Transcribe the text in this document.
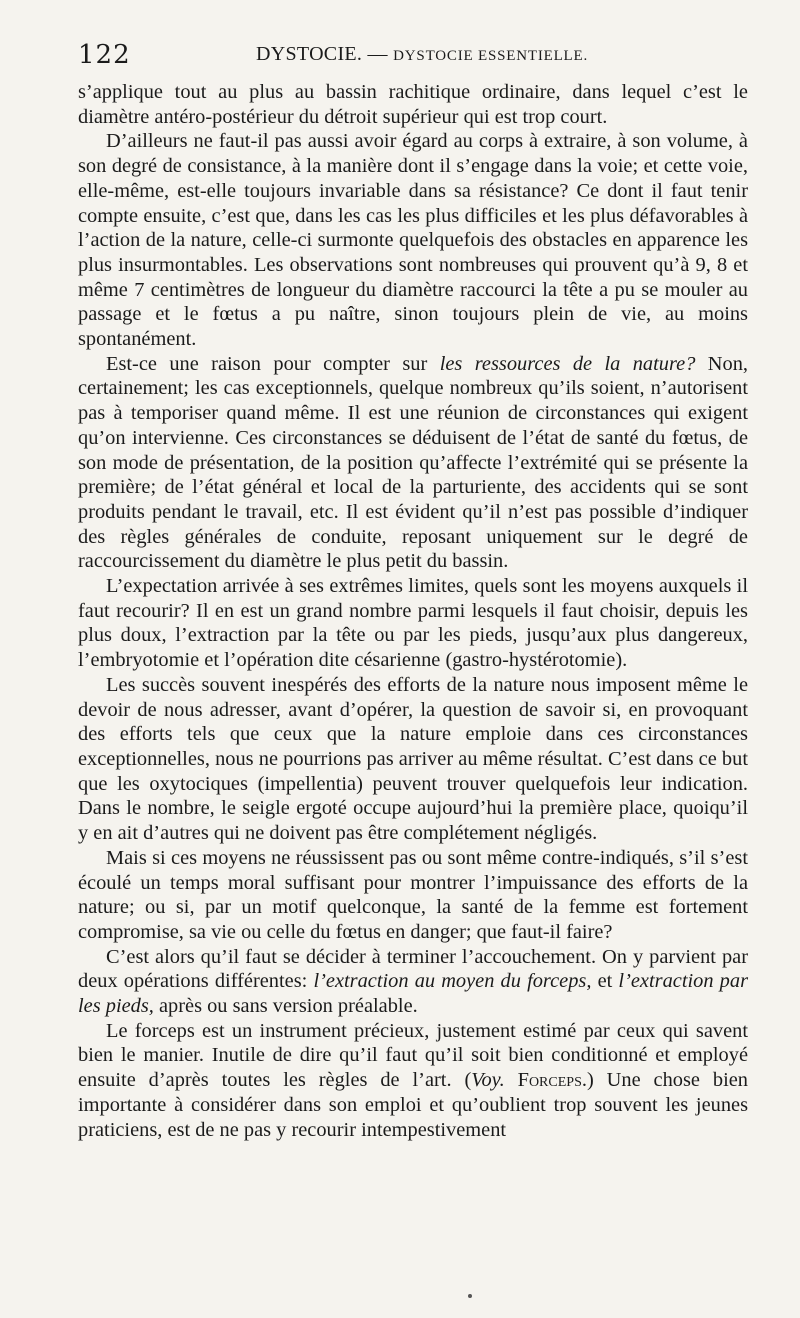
122	DYSTOCIE. — DYSTOCIE ESSENTIELLE.

s’applique tout au plus au bassin rachitique ordinaire, dans lequel c’est le diamètre antéro-postérieur du détroit supérieur qui est trop court.

D’ailleurs ne faut-il pas aussi avoir égard au corps à extraire, à son volume, à son degré de consistance, à la manière dont il s’engage dans la voie; et cette voie, elle-même, est-elle toujours invariable dans sa résistance? Ce dont il faut tenir compte ensuite, c’est que, dans les cas les plus difficiles et les plus défavorables à l’action de la nature, celle-ci surmonte quelquefois des obstacles en apparence les plus insurmontables. Les observations sont nombreuses qui prouvent qu’à 9, 8 et même 7 centimètres de longueur du diamètre raccourci la tête a pu se mouler au passage et le fœtus a pu naître, sinon toujours plein de vie, au moins spontanément.

Est-ce une raison pour compter sur les ressources de la nature? Non, certainement; les cas exceptionnels, quelque nombreux qu’ils soient, n’autorisent pas à temporiser quand même. Il est une réunion de circonstances qui exigent qu’on intervienne. Ces circonstances se déduisent de l’état de santé du fœtus, de son mode de présentation, de la position qu’affecte l’extrémité qui se présente la première; de l’état général et local de la parturiente, des accidents qui se sont produits pendant le travail, etc. Il est évident qu’il n’est pas possible d’indiquer des règles générales de conduite, reposant uniquement sur le degré de raccourcissement du diamètre le plus petit du bassin.

L’expectation arrivée à ses extrêmes limites, quels sont les moyens auxquels il faut recourir? Il en est un grand nombre parmi lesquels il faut choisir, depuis les plus doux, l’extraction par la tête ou par les pieds, jusqu’aux plus dangereux, l’embryotomie et l’opération dite césarienne (gastro-hystérotomie).

Les succès souvent inespérés des efforts de la nature nous imposent même le devoir de nous adresser, avant d’opérer, la question de savoir si, en provoquant des efforts tels que ceux que la nature emploie dans ces circonstances exceptionnelles, nous ne pourrions pas arriver au même résultat. C’est dans ce but que les oxytociques (impellentia) peuvent trouver quelquefois leur indication. Dans le nombre, le seigle ergoté occupe aujourd’hui la première place, quoiqu’il y en ait d’autres qui ne doivent pas être complétement négligés.

Mais si ces moyens ne réussissent pas ou sont même contre-indiqués, s’il s’est écoulé un temps moral suffisant pour montrer l’impuissance des efforts de la nature; ou si, par un motif quelconque, la santé de la femme est fortement compromise, sa vie ou celle du fœtus en danger; que faut-il faire?

C’est alors qu’il faut se décider à terminer l’accouchement. On y parvient par deux opérations différentes: l’extraction au moyen du forceps, et l’extraction par les pieds, après ou sans version préalable.

Le forceps est un instrument précieux, justement estimé par ceux qui savent bien le manier. Inutile de dire qu’il faut qu’il soit bien conditionné et employé ensuite d’après toutes les règles de l’art. (Voy. Forceps.) Une chose bien importante à considérer dans son emploi et qu’oublient trop souvent les jeunes praticiens, est de ne pas y recourir intempestivement
